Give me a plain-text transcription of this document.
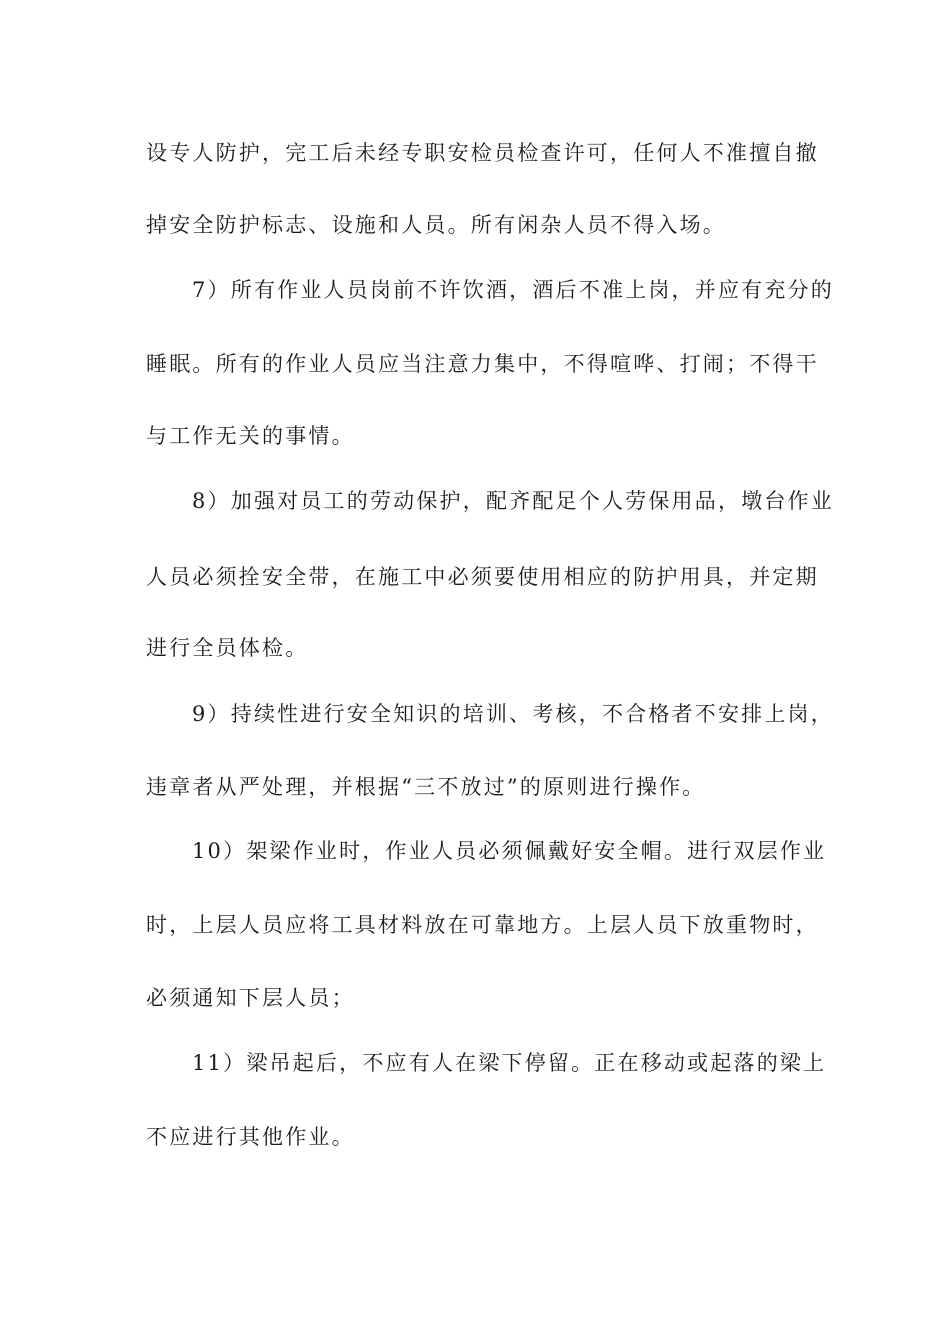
设专人防护，完工后未经专职安检员检查许可，任何人不准擅自撤
掉安全防护标志、设施和人员。所有闲杂人员不得入场。
7）所有作业人员岗前不许饮酒，酒后不准上岗，并应有充分的
睡眠。所有的作业人员应当注意力集中，不得喧哗、打闹；不得干
与工作无关的事情。
8）加强对员工的劳动保护，配齐配足个人劳保用品，墩台作业
人员必须拴安全带，在施工中必须要使用相应的防护用具，并定期
进行全员体检。
9）持续性进行安全知识的培训、考核，不合格者不安排上岗，
违章者从严处理，并根据“三不放过”的原则进行操作。
10）架梁作业时，作业人员必须佩戴好安全帽。进行双层作业
时，上层人员应将工具材料放在可靠地方。上层人员下放重物时，
必须通知下层人员；
11）梁吊起后，不应有人在梁下停留。正在移动或起落的梁上
不应进行其他作业。
